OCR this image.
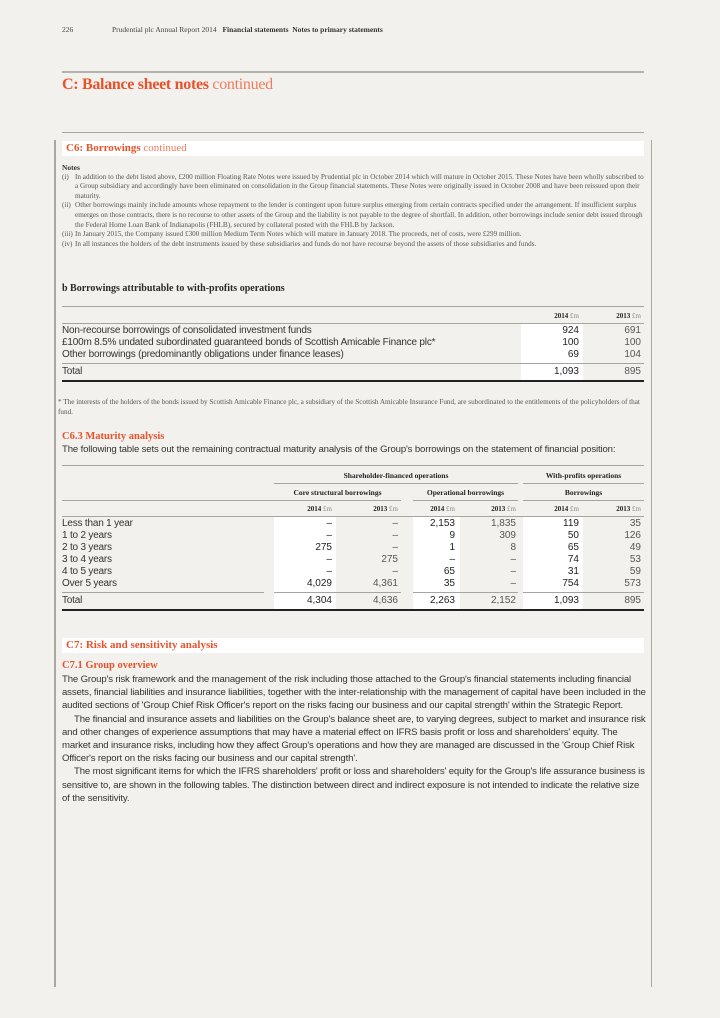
226	Prudential plc Annual Report 2014 Financial statements Notes to primary statements
C: Balance sheet notes continued
C6: Borrowings continued
Notes
(i) In addition to the debt listed above, £200 million Floating Rate Notes were issued by Prudential plc in October 2014 which will mature in October 2015. These Notes have been wholly subscribed to a Group subsidiary and accordingly have been eliminated on consolidation in the Group financial statements. These Notes were originally issued in October 2008 and have been reissued upon their maturity.
(ii) Other borrowings mainly include amounts whose repayment to the lender is contingent upon future surplus emerging from certain contracts specified under the arrangement. If insufficient surplus emerges on those contracts, there is no recourse to other assets of the Group and the liability is not payable to the degree of shortfall. In addition, other borrowings include senior debt issued through the Federal Home Loan Bank of Indianapolis (FHLB), secured by collateral posted with the FHLB by Jackson.
(iii) In January 2015, the Company issued £300 million Medium Term Notes which will mature in January 2018. The proceeds, net of costs, were £299 million.
(iv) In all instances the holders of the debt instruments issued by these subsidiaries and funds do not have recourse beyond the assets of those subsidiaries and funds.
b Borrowings attributable to with-profits operations
2014 £m	2013 £m
Non-recourse borrowings of consolidated investment funds	924	691
£100m 8.5% undated subordinated guaranteed bonds of Scottish Amicable Finance plc*	100	100
Other borrowings (predominantly obligations under finance leases)	69	104
Total	1,093	895
* The interests of the holders of the bonds issued by Scottish Amicable Finance plc, a subsidiary of the Scottish Amicable Insurance Fund, are subordinated to the entitlements of the policyholders of that fund.
C6.3 Maturity analysis
The following table sets out the remaining contractual maturity analysis of the Group's borrowings on the statement of financial position:
Shareholder-financed operations	With-profits operations
Core structural borrowings	Operational borrowings	Borrowings
2014 £m	2013 £m	2014 £m	2013 £m	2014 £m	2013 £m
Less than 1 year	–	–	2,153	1,835	119	35
1 to 2 years	–	–	9	309	50	126
2 to 3 years	275	–	1	8	65	49
3 to 4 years	–	275	–	–	74	53
4 to 5 years	–	–	65	–	31	59
Over 5 years	4,029	4,361	35	–	754	573
Total	4,304	4,636	2,263	2,152	1,093	895
C7: Risk and sensitivity analysis
C7.1 Group overview

The Group's risk framework and the management of the risk including those attached to the Group's financial statements including financial assets, financial liabilities and insurance liabilities, together with the inter-relationship with the management of capital have been included in the audited sections of 'Group Chief Risk Officer's report on the risks facing our business and our capital strength' within the Strategic Report.

The financial and insurance assets and liabilities on the Group's balance sheet are, to varying degrees, subject to market and insurance risk and other changes of experience assumptions that may have a material effect on IFRS basis profit or loss and shareholders' equity. The market and insurance risks, including how they affect Group's operations and how they are managed are discussed in the 'Group Chief Risk Officer's report on the risks facing our business and our capital strength'.

The most significant items for which the IFRS shareholders' profit or loss and shareholders' equity for the Group's life assurance business is sensitive to, are shown in the following tables. The distinction between direct and indirect exposure is not intended to indicate the relative size of the sensitivity.
